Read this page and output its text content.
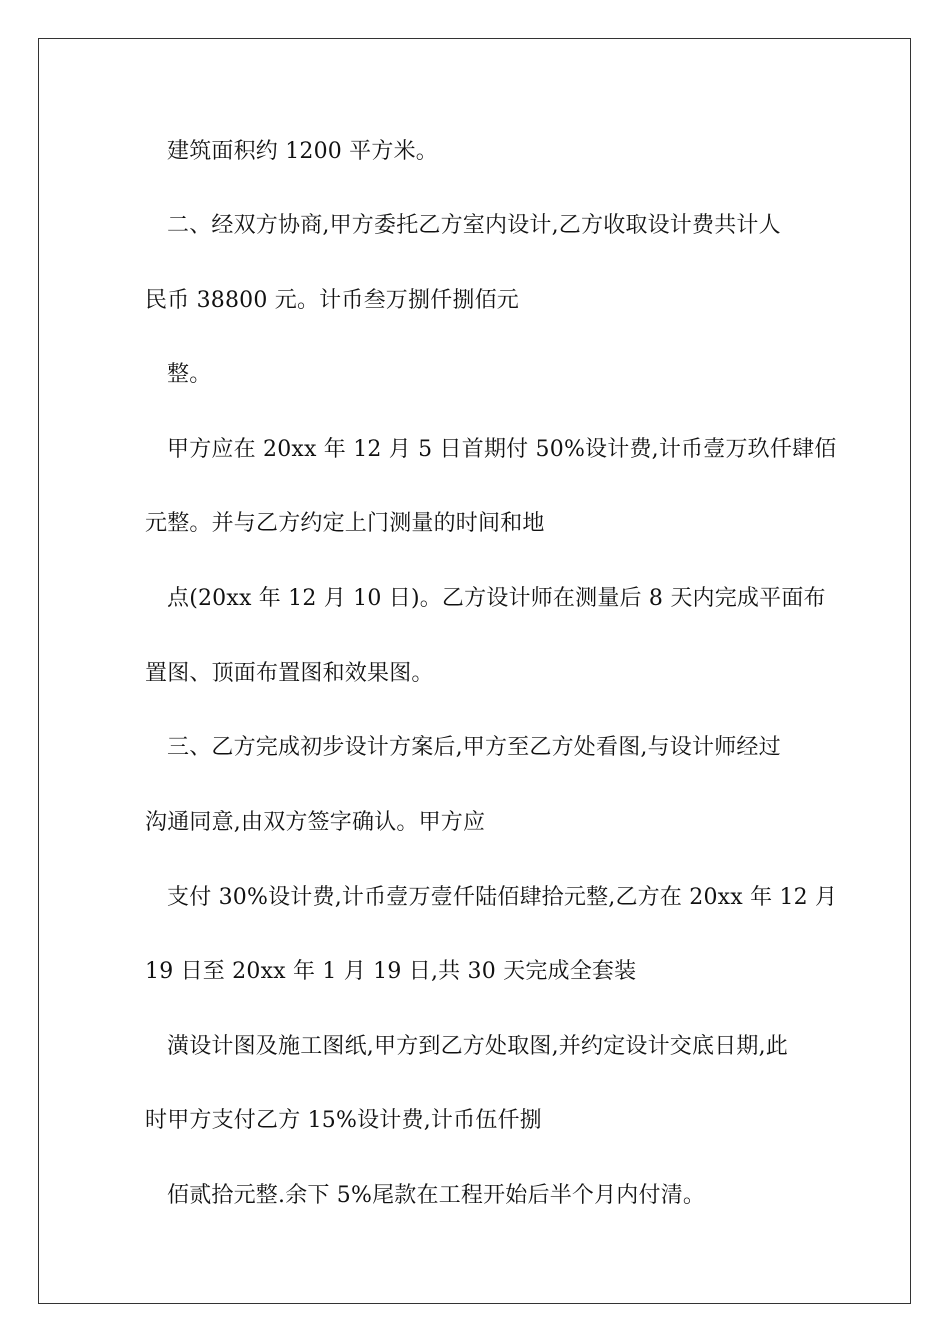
建筑面积约 1200 平方米。
二、经双方协商,甲方委托乙方室内设计,乙方收取设计费共计人
民币 38800 元。计币叁万捌仟捌佰元
整。
甲方应在 20xx 年 12 月 5 日首期付 50%设计费,计币壹万玖仟肆佰
元整。并与乙方约定上门测量的时间和地
点(20xx 年 12 月 10 日)。乙方设计师在测量后 8 天内完成平面布
置图、顶面布置图和效果图。
三、乙方完成初步设计方案后,甲方至乙方处看图,与设计师经过
沟通同意,由双方签字确认。甲方应
支付 30%设计费,计币壹万壹仟陆佰肆拾元整,乙方在 20xx 年 12 月
19 日至 20xx 年 1 月 19 日,共 30 天完成全套装
潢设计图及施工图纸,甲方到乙方处取图,并约定设计交底日期,此
时甲方支付乙方 15%设计费,计币伍仟捌
佰贰拾元整.余下 5%尾款在工程开始后半个月内付清。
